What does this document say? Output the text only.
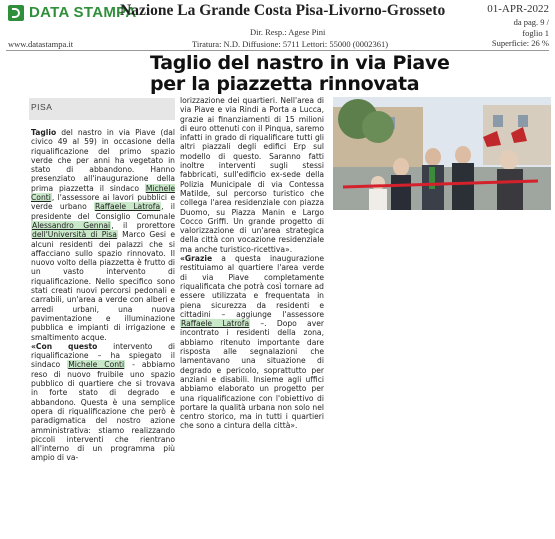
DATA STAMPA
Nazione La Grande Costa Pisa-Livorno-Grosseto	01-APR-2022
da pag. 9 /
foglio 1
Superficie: 26 %
Dir. Resp.: Agese Pini
Tiratura: N.D. Diffusione: 5711 Lettori: 55000 (0002361)
www.datastampa.it
Taglio del nastro in via Piave
per la piazzetta rinnovata
PISA

Taglio del nastro in via Piave (dal civico 49 al 59) in occasione della riqualificazione del primo spazio verde che per anni ha vegetato in stato di abbandono. Hanno presenziato all'inaugurazione della prima piazzetta il sindaco Michele Conti, l'assessore ai lavori pubblici e verde urbano Raffaele Latrofa, il presidente del Consiglio Comunale Alessandro Gennai, il prorettore dell'Università di Pisa Marco Gesi e alcuni residenti dei palazzi che si affacciano sullo spazio rinnovato. Il nuovo volto della piazzetta è frutto di un vasto intervento di riqualificazione. Nello specifico sono stati creati nuovi percorsi pedonali e carrabili, un'area a verde con alberi e arredi urbani, una nuova pavimentazione e illuminazione pubblica e impianti di irrigazione e smaltimento acque.

«Con questo intervento di riqualificazione – ha spiegato il sindaco Michele Conti - abbiamo reso di nuovo fruibile uno spazio pubblico di quartiere che si trovava in forte stato di degrado e abbandono. Questa è una semplice opera di riqualificazione che però è paradigmatica del nostro azione amministrativa: stiamo realizzando piccoli interventi che rientrano all'interno di un programma più ampio di va-

lorizzazione dei quartieri. Nell'area di via Piave e via Rindi a Porta a Lucca, grazie ai finanziamenti di 15 milioni di euro ottenuti con il Pinqua, saremo infatti in grado di riqualificare tutti gli altri piazzali degli edifici Erp sul modello di questo. Saranno fatti inoltre interventi sugli stessi fabbricati, sull'edificio ex-sede della Polizia Municipale di via Contessa Matilde, sul percorso turistico che collega l'area residenziale con piazza Duomo, su Piazza Manin e Largo Cocco Griffi. Un grande progetto di valorizzazione di un'area strategica della città con vocazione residenziale ma anche turistico-ricettiva».

«Grazie a questa inaugurazione restituiamo al quartiere l'area verde di via Piave completamente riqualificata che potrà così tornare ad essere utilizzata e frequentata in piena sicurezza da residenti e cittadini – aggiunge l'assessore Raffaele Latrofa –. Dopo aver incontrato i residenti della zona, abbiamo ritenuto importante dare risposta alle segnalazioni che lamentavano una situazione di degrado e pericolo, soprattutto per anziani e disabili. Insieme agli uffici abbiamo elaborato un progetto per una riqualificazione con l'obiettivo di portare la qualità urbana non solo nel centro storico, ma in tutti i quartieri che sono a cintura della città».
